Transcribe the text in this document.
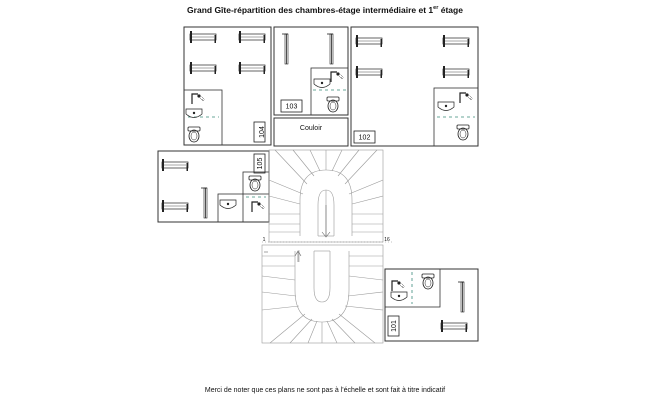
Grand Gîte-répartition des chambres-étage intermédiaire et 1er étage
104
103
Couloir
102
105
1	16
101
Merci de noter que ces plans ne sont pas à l'échelle et sont fait à titre indicatif
